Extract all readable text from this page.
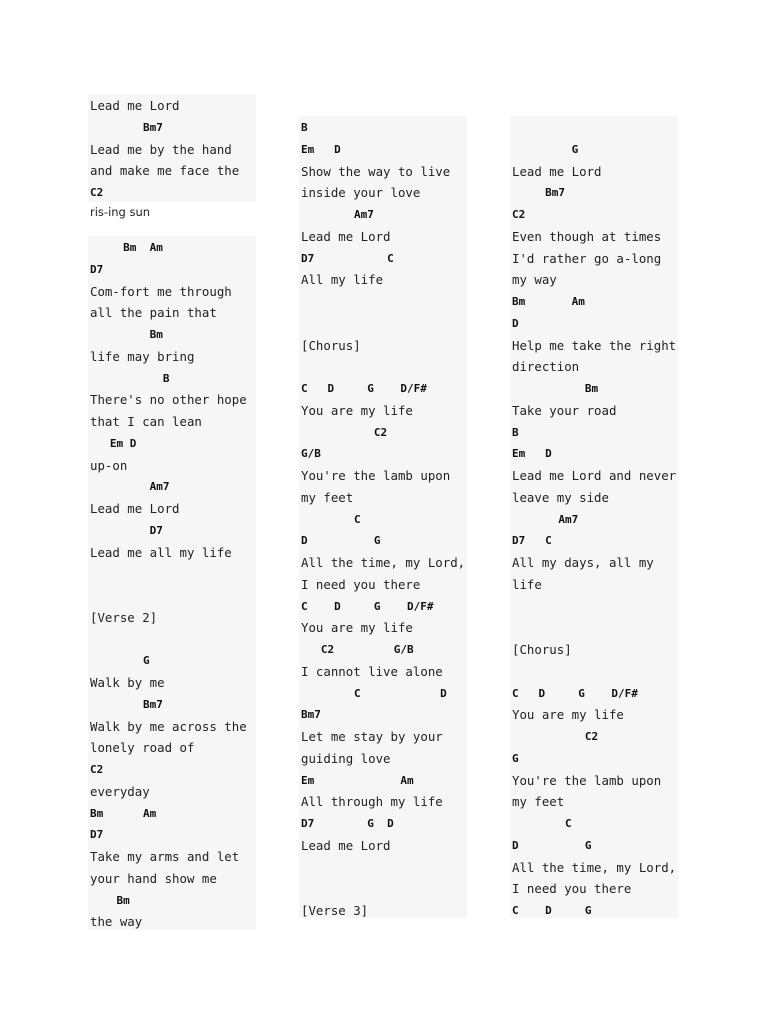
Lead me Lord
Bm7
Lead me by the hand
and make me face the
C2
ris-ing sun
Bm  Am
D7
Com-fort me through
all the pain that
Bm
life may bring
B
There's no other hope
that I can lean
Em D
up-on
Am7
Lead me Lord
D7
Lead me all my life
[Verse 2]
G
Walk by me
Bm7
Walk by me across the
lonely road of
C2
everyday
Bm      Am
D7
Take my arms and let
your hand show me
Bm
the way
B
Em   D
Show the way to live
inside your love
Am7
Lead me Lord
D7           C
All my life
[Chorus]
C   D     G    D/F#
You are my life
C2
G/B
You're the lamb upon
my feet
C
D          G
All the time, my Lord,
I need you there
C    D     G    D/F#
You are my life
C2         G/B
I cannot live alone
C            D
Bm7
Let me stay by your
guiding love
Em             Am
All through my life
D7        G  D
Lead me Lord
[Verse 3]
G
Lead me Lord
Bm7
C2
Even though at times
I'd rather go a-long
my way
Bm       Am
D
Help me take the right
direction
Bm
Take your road
B
Em   D
Lead me Lord and never
leave my side
Am7
D7   C
All my days, all my
life
[Chorus]
C   D     G    D/F#
You are my life
C2
G
You're the lamb upon
my feet
C
D          G
All the time, my Lord,
I need you there
C    D     G
